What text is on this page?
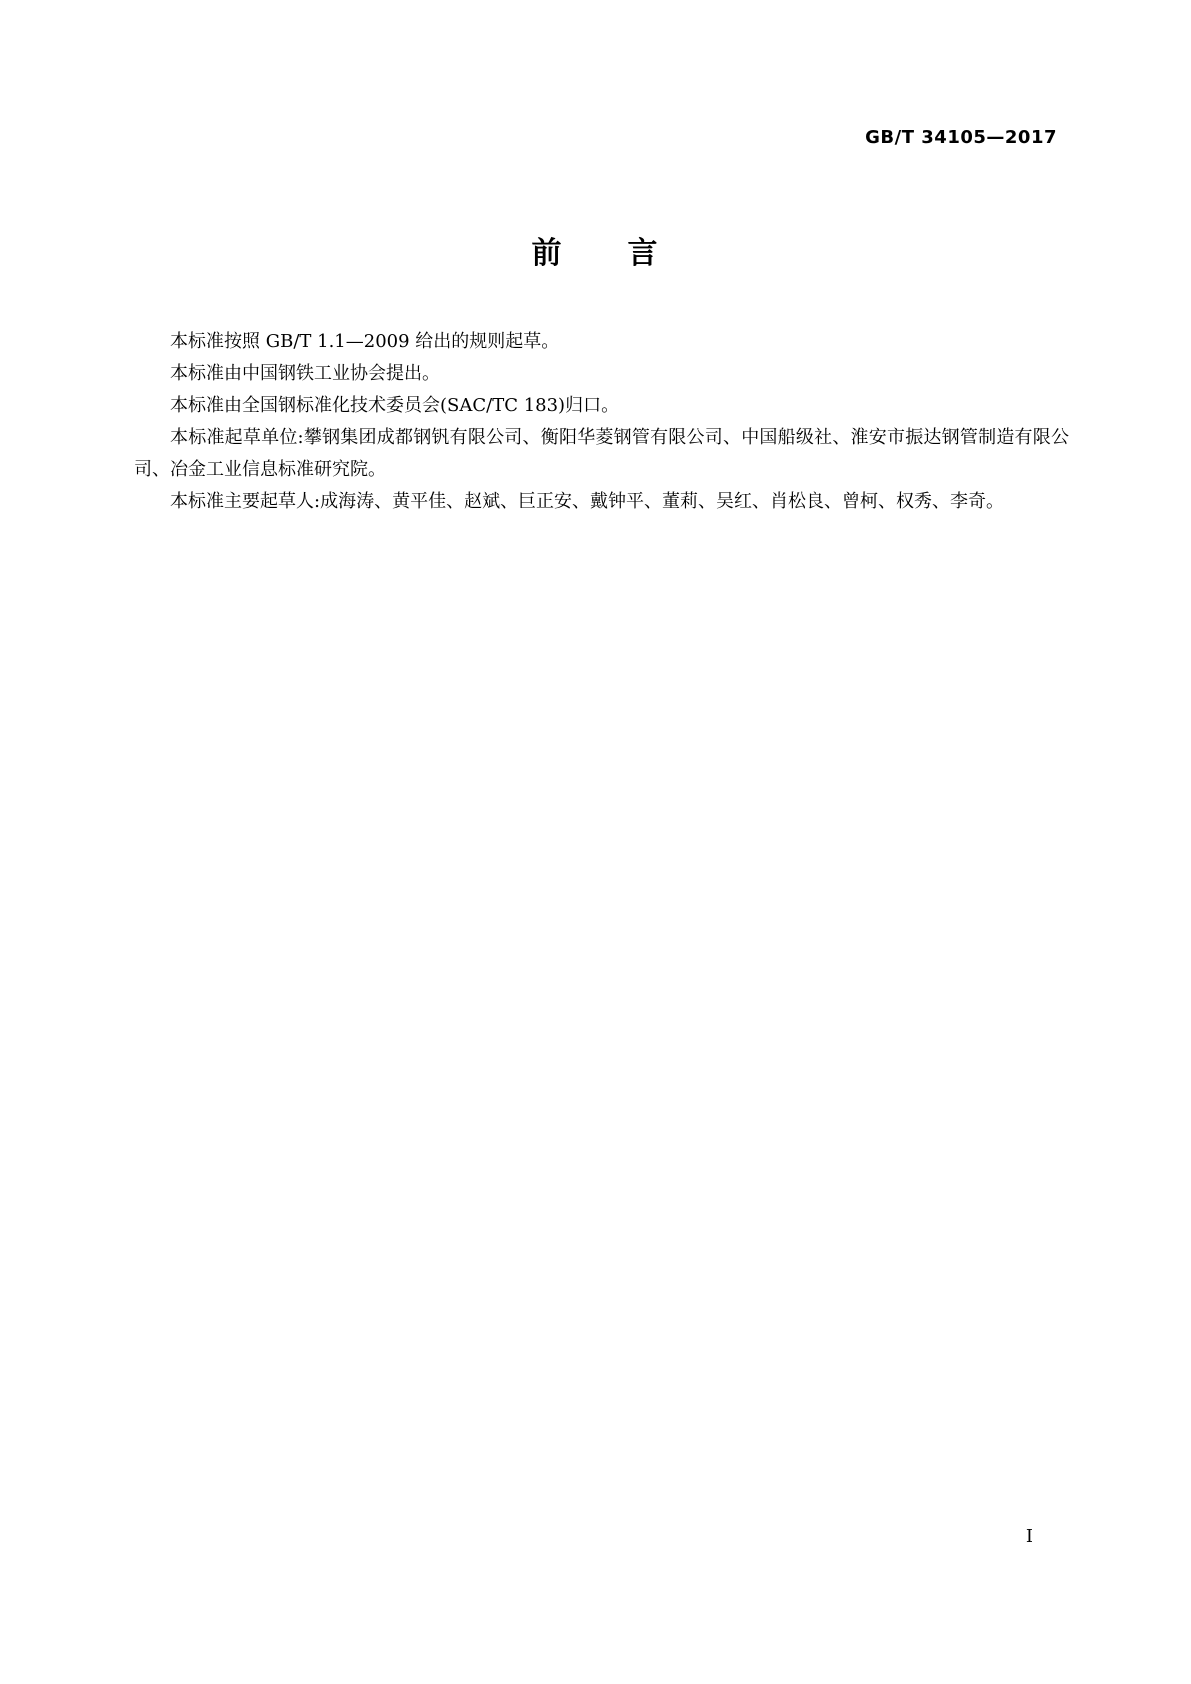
GB/T 34105—2017
前 言

本标准按照 GB/T 1.1—2009 给出的规则起草。

本标准由中国钢铁工业协会提出。

本标准由全国钢标准化技术委员会(SAC/TC 183)归口。

本标准起草单位:攀钢集团成都钢钒有限公司、衡阳华菱钢管有限公司、中国船级社、淮安市振达钢管制造有限公司、冶金工业信息标准研究院。

本标准主要起草人:成海涛、黄平佳、赵斌、巨正安、戴钟平、董莉、吴红、肖松良、曾柯、权秀、李奇。

I
